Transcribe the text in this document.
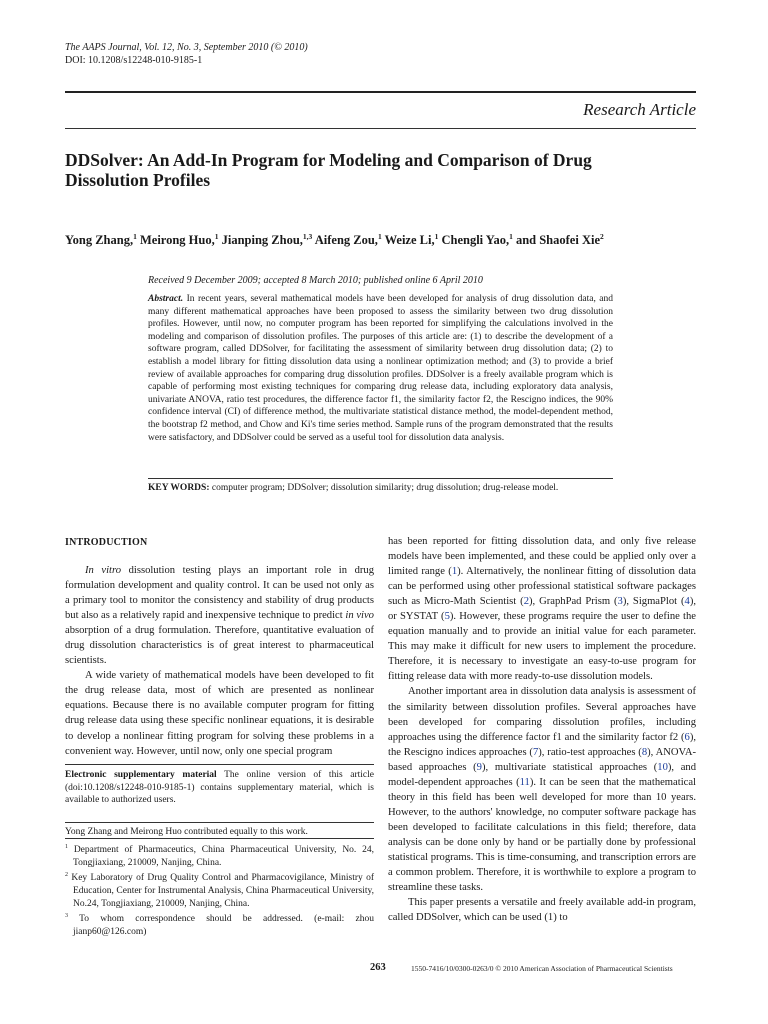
The AAPS Journal, Vol. 12, No. 3, September 2010 (© 2010)
DOI: 10.1208/s12248-010-9185-1
Research Article
DDSolver: An Add-In Program for Modeling and Comparison of Drug Dissolution Profiles
Yong Zhang,$^1$ Meirong Huo,$^1$ Jianping Zhou,$^{1,3}$ Aifeng Zou,$^1$ Weize Li,$^1$ Chengli Yao,$^1$ and Shaofei Xie$^2$
Received 9 December 2009; accepted 8 March 2010; published online 6 April 2010
Abstract. In recent years, several mathematical models have been developed for analysis of drug dissolution data, and many different mathematical approaches have been proposed to assess the similarity between two drug dissolution profiles. However, until now, no computer program has been reported for simplifying the calculations involved in the modeling and comparison of dissolution profiles. The purposes of this article are: (1) to describe the development of a software program, called DDSolver, for facilitating the assessment of similarity between drug dissolution data; (2) to establish a model library for fitting dissolution data using a nonlinear optimization method; and (3) to provide a brief review of available approaches for comparing drug dissolution profiles. DDSolver is a freely available program which is capable of performing most existing techniques for comparing drug release data, including exploratory data analysis, univariate ANOVA, ratio test procedures, the difference factor f1, the similarity factor f2, the Rescigno indices, the 90% confidence interval (CI) of difference method, the multivariate statistical distance method, the model-dependent method, the bootstrap f2 method, and Chow and Ki's time series method. Sample runs of the program demonstrated that the results were satisfactory, and DDSolver could be served as a useful tool for dissolution data analysis.
KEY WORDS: computer program; DDSolver; dissolution similarity; drug dissolution; drug-release model.
INTRODUCTION

In vitro dissolution testing plays an important role in drug formulation development and quality control. It can be used not only as a primary tool to monitor the consistency and stability of drug products but also as a relatively rapid and inexpensive technique to predict in vivo absorption of a drug formulation. Therefore, quantitative evaluation of drug dissolution characteristics is of great interest to pharmaceutical scientists.

A wide variety of mathematical models have been developed to fit the drug release data, most of which are presented as nonlinear equations. Because there is no available computer program for fitting drug release data using these specific nonlinear equations, it is desirable to develop a nonlinear fitting program for solving these problems in a convenient way. However, until now, only one special program

Electronic supplementary material The online version of this article (doi:10.1208/s12248-010-9185-1) contains supplementary material, which is available to authorized users.
Yong Zhang and Meirong Huo contributed equally to this work.

$^1$ Department of Pharmaceutics, China Pharmaceutical University, No. 24, Tongjiaxiang, 210009, Nanjing, China.

$^2$ Key Laboratory of Drug Quality Control and Pharmacovigilance, Ministry of Education, Center for Instrumental Analysis, China Pharmaceutical University, No.24, Tongjiaxiang, 210009, Nanjing, China.

$^3$ To whom correspondence should be addressed. (e-mail: zhou jianp60@126.com)

has been reported for fitting dissolution data, and only five release models have been implemented, and these could be applied only over a limited range (1). Alternatively, the nonlinear fitting of dissolution data can be performed using other professional statistical software packages such as Micro-Math Scientist (2), GraphPad Prism (3), SigmaPlot (4), or SYSTAT (5). However, these programs require the user to define the equation manually and to provide an initial value for each parameter. This may make it difficult for new users to implement the procedure. Therefore, it is necessary to investigate an easy-to-use program for fitting release data with more ready-to-use dissolution models.

Another important area in dissolution data analysis is assessment of the similarity between dissolution profiles. Several approaches have been developed for comparing dissolution profiles, including approaches using the difference factor f1 and the similarity factor f2 (6), the Rescigno indices approaches (7), ratio-test approaches (8), ANOVA-based approaches (9), multivariate statistical approaches (10), and model-dependent approaches (11). It can be seen that the mathematical theory in this field has been well developed for more than 10 years. However, to the authors' knowledge, no computer software package has been developed to facilitate calculations in this field; therefore, data analysis can be done only by hand or be partially done by professional statistical programs. This is time-consuming, and transcription errors are a common problem. Therefore, it is worthwhile to explore a program to streamline these tasks.

This paper presents a versatile and freely available add-in program, called DDSolver, which can be used (1) to

263	1550-7416/10/0300-0263/0 © 2010 American Association of Pharmaceutical Scientists
